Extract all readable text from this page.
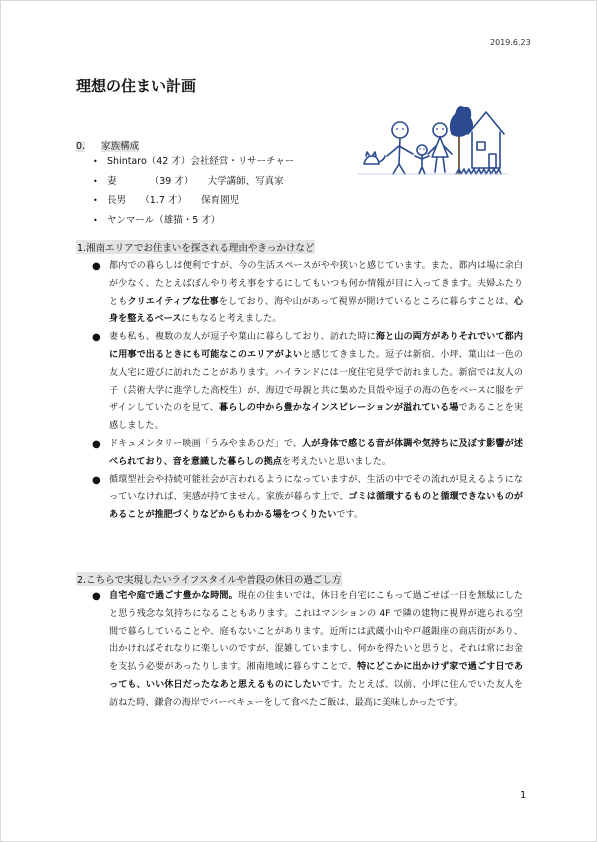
2019.6.23
理想の住まい計画
0. 家族構成
• Shintaro（42 才）会社経営・リサーチャー
• 妻　　　　（39 才）　　大学講師、写真家
• 長男　　（1.7 才）　　保育園児
• ヤンマール（雄猫・5 才）
1.湘南エリアでお住まいを探される理由やきっかけなど
● 都内での暮らしは便利ですが、今の生活スペースがやや狭いと感じています。また、都内は場に余白が少なく、たとえばぼんやり考え事をするにしてもいつも何か情報が目に入ってきます。夫婦ふたりともクリエイティブな仕事をしており、海や山があって視界が開けているところに暮らすことは、心身を整えるベースにもなると考えました。
● 妻も私も、複数の友人が逗子や葉山に暮らしており、訪れた時に海と山の両方がありそれでいて都内に用事で出るときにも可能なこのエリアがよいと感じてきました。逗子は新宿、小坪、葉山は一色の友人宅に遊びに訪れたことがあります。ハイランドには一度住宅見学で訪れました。新宿では友人の子（芸術大学に進学した高校生）が、海辺で母親と共に集めた貝殻や逗子の海の色をベースに服をデザインしていたのを見て、暮らしの中から豊かなインスピレーションが溢れている場であることを実感しました。
● ドキュメンタリー映画「うみやまあひだ」で、人が身体で感じる音が体調や気持ちに及ぼす影響が述べられており、音を意識した暮らしの拠点を考えたいと思いました。
● 循環型社会や持続可能社会が言われるようになっていますが、生活の中でその流れが見えるようになっていなければ、実感が持てません。家族が暮らす上で、ゴミは循環するものと循環できないものがあることが推肥づくりなどからもわかる場をつくりたいです。
2.こちらで実現したいライフスタイルや普段の休日の過ごし方
● 自宅や庭で過ごす豊かな時間。現在の住まいでは、休日を自宅にこもって過ごせば一日を無駄にしたと思う残念な気持ちになることもあります。これはマンションの 4F で隣の建物に視界が遮られる空間で暮らしていることや、庭もないことがあります。近所には武蔵小山や戸越銀座の商店街があり、出かければそれなりに楽しいのですが、混雑していますし、何かを得たいと思うと、それは常にお金を支払う必要があったりします。湘南地域に暮らすことで、特にどこかに出かけず家で過ごす日であっても、いい休日だったなあと思えるものにしたいです。たとえば、以前、小坪に住んでいた友人を訪ねた時、鎌倉の海岸でバーベキューをして食べたご飯は、最高に美味しかったです。
1
